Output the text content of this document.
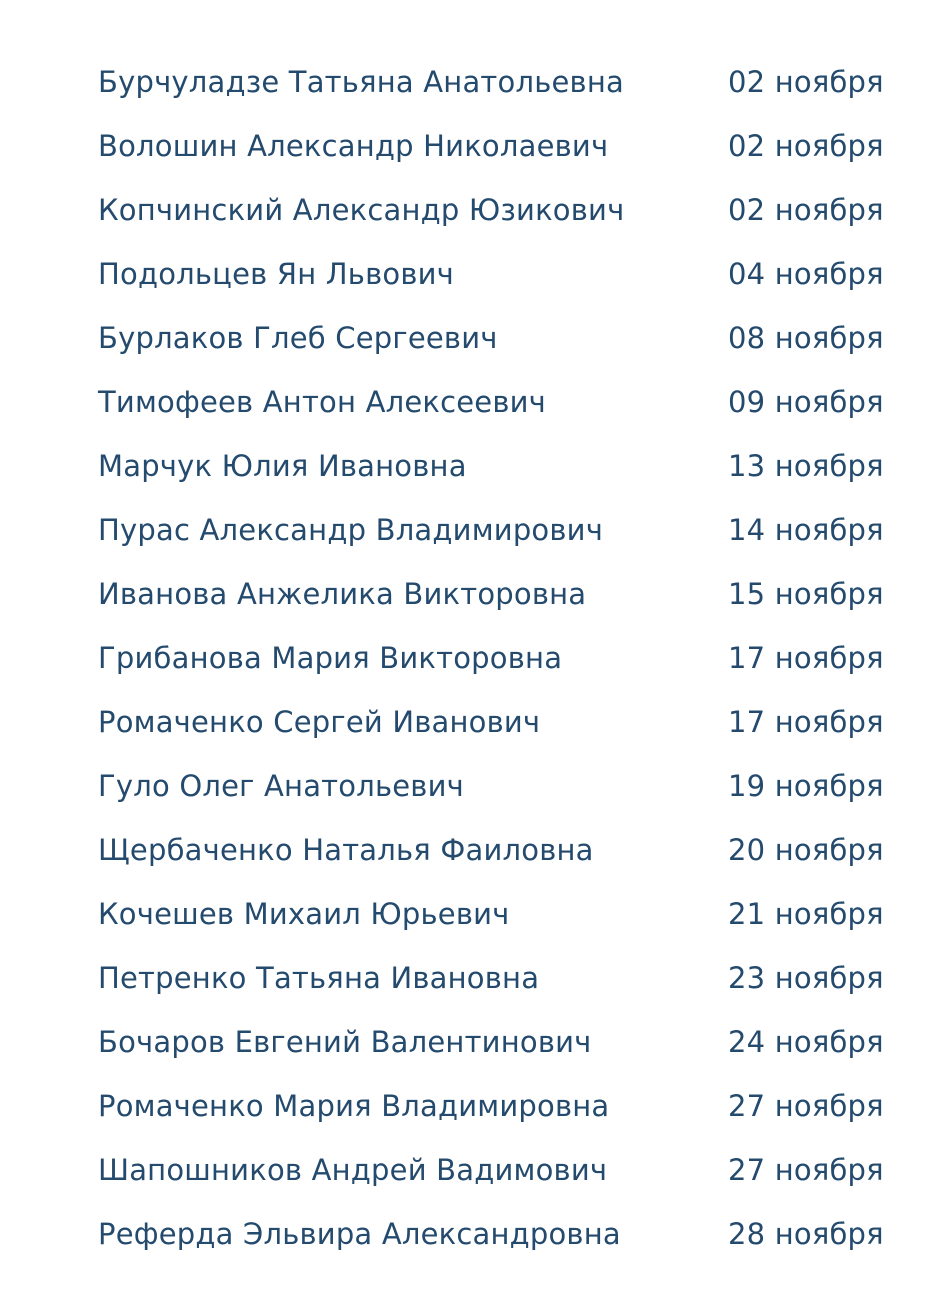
Бурчуладзе Татьяна Анатольевна	02 ноября
Волошин Александр Николаевич	02 ноября
Копчинский Александр Юзикович	02 ноября
Подольцев Ян Львович	04 ноября
Бурлаков Глеб Сергеевич	08 ноября
Тимофеев Антон Алексеевич	09 ноября
Марчук Юлия Ивановна	13 ноября
Пурас Александр Владимирович	14 ноября
Иванова Анжелика Викторовна	15 ноября
Грибанова Мария Викторовна	17 ноября
Ромаченко Сергей Иванович	17 ноября
Гуло Олег Анатольевич	19 ноября
Щербаченко Наталья Фаиловна	20 ноября
Кочешев Михаил Юрьевич	21 ноября
Петренко Татьяна Ивановна	23 ноября
Бочаров Евгений Валентинович	24 ноября
Ромаченко Мария Владимировна	27 ноября
Шапошников Андрей Вадимович	27 ноября
Реферда Эльвира Александровна	28 ноября
